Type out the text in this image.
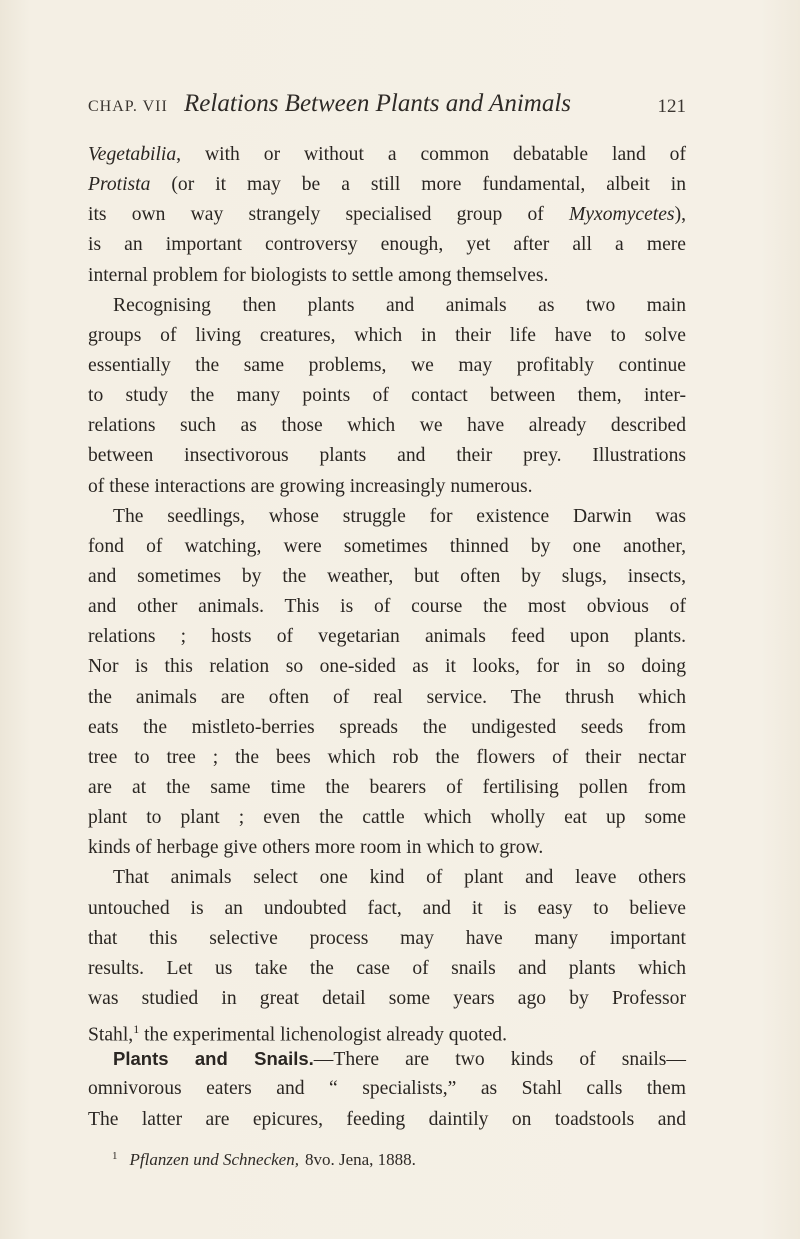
CHAP. VII Relations Between Plants and Animals	121
Vegetabilia, with or without a common debatable land of
Protista (or it may be a still more fundamental, albeit in
its own way strangely specialised group of Myxomycetes),
is an important controversy enough, yet after all a mere
internal problem for biologists to settle among themselves.
Recognising then plants and animals as two main
groups of living creatures, which in their life have to solve
essentially the same problems, we may profitably continue
to study the many points of contact between them, inter-
relations such as those which we have already described
between insectivorous plants and their prey. Illustrations
of these interactions are growing increasingly numerous.
The seedlings, whose struggle for existence Darwin was
fond of watching, were sometimes thinned by one another,
and sometimes by the weather, but often by slugs, insects,
and other animals. This is of course the most obvious of
relations ; hosts of vegetarian animals feed upon plants.
Nor is this relation so one-sided as it looks, for in so doing
the animals are often of real service. The thrush which
eats the mistleto-berries spreads the undigested seeds from
tree to tree ; the bees which rob the flowers of their nectar
are at the same time the bearers of fertilising pollen from
plant to plant ; even the cattle which wholly eat up some
kinds of herbage give others more room in which to grow.
That animals select one kind of plant and leave others
untouched is an undoubted fact, and it is easy to believe
that this selective process may have many important
results. Let us take the case of snails and plants which
was studied in great detail some years ago by Professor
Stahl,$^1$ the experimental lichenologist already quoted.
Plants and Snails.—There are two kinds of snails—
omnivorous eaters and “ specialists,” as Stahl calls them
The latter are epicures, feeding daintily on toadstools and
$^1$ Pflanzen und Schnecken, 8vo. Jena, 1888.
